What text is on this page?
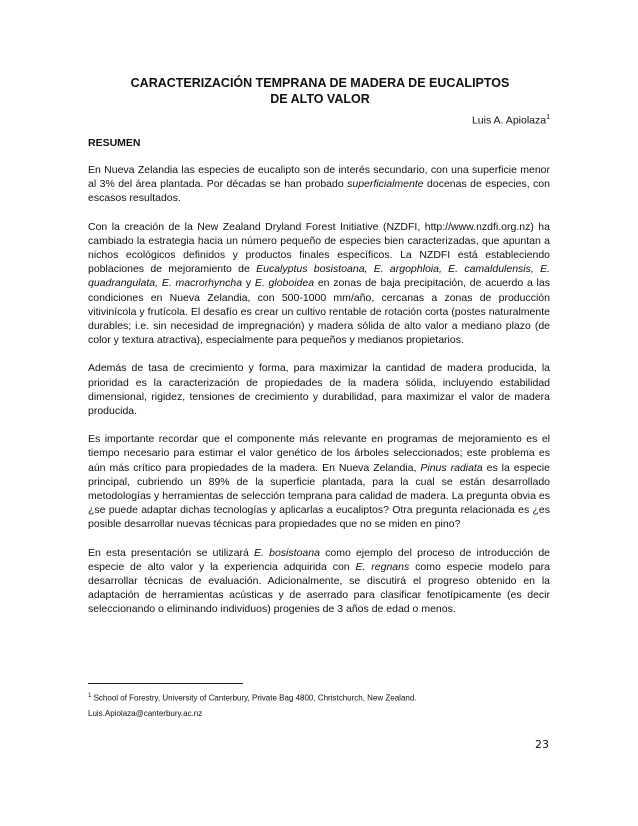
CARACTERIZACIÓN TEMPRANA DE MADERA DE EUCALIPTOS
DE ALTO VALOR
Luis A. Apiolaza$^1$
RESUMEN

En Nueva Zelandia las especies de eucalipto son de interés secundario, con una superficie menor al 3% del área plantada. Por décadas se han probado superficialmente docenas de especies, con escasos resultados.

Con la creación de la New Zealand Dryland Forest Initiative (NZDFI, http://www.nzdfi.org.nz) ha cambiado la estrategia hacia un número pequeño de especies bien caracterizadas, que apuntan a nichos ecológicos definidos y productos finales específicos. La NZDFI está estableciendo poblaciones de mejoramiento de Eucalyptus bosistoana, E. argophloia, E. camaldulensis, E. quadrangulata, E. macrorhyncha y E. globoidea en zonas de baja precipitación, de acuerdo a las condiciones en Nueva Zelandia, con 500-1000 mm/año, cercanas a zonas de producción vitivinícola y frutícola. El desafío es crear un cultivo rentable de rotación corta (postes naturalmente durables; i.e. sin necesidad de impregnación) y madera sólida de alto valor a mediano plazo (de color y textura atractiva), especialmente para pequeños y medianos propietarios.

Además de tasa de crecimiento y forma, para maximizar la cantidad de madera producida, la prioridad es la caracterización de propiedades de la madera sólida, incluyendo estabilidad dimensional, rigidez, tensiones de crecimiento y durabilidad, para maximizar el valor de madera producida.

Es importante recordar que el componente más relevante en programas de mejoramiento es el tiempo necesario para estimar el valor genético de los árboles seleccionados; este problema es aún más crítico para propiedades de la madera. En Nueva Zelandia, Pinus radiata es la especie principal, cubriendo un 89% de la superficie plantada, para la cual se están desarrollado metodologías y herramientas de selección temprana para calidad de madera. La pregunta obvia es ¿se puede adaptar dichas tecnologías y aplicarlas a eucaliptos? Otra pregunta relacionada es ¿es posible desarrollar nuevas técnicas para propiedades que no se miden en pino?

En esta presentación se utilizará E. bosistoana como ejemplo del proceso de introducción de especie de alto valor y la experiencia adquirida con E. regnans como especie modelo para desarrollar técnicas de evaluación. Adicionalmente, se discutirá el progreso obtenido en la adaptación de herramientas acústicas y de aserrado para clasificar fenotípicamente (es decir seleccionando o eliminando individuos) progenies de 3 años de edad o menos.

$^1$ School of Forestry, University of Canterbury, Private Bag 4800, Christchurch, New Zealand.
Luis.Apiolaza@canterbury.ac.nz
23
